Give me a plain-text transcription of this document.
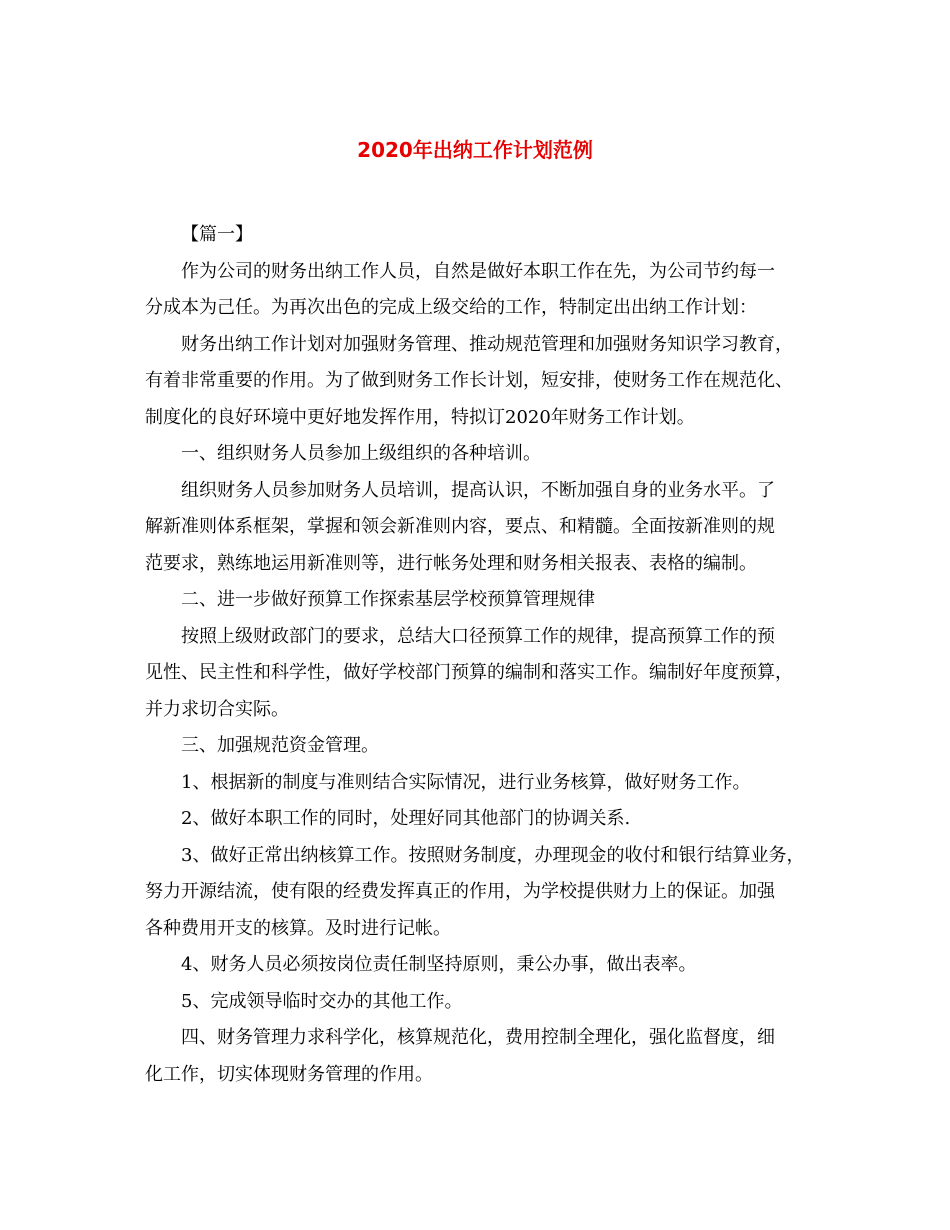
2020年出纳工作计划范例
【篇一】
作为公司的财务出纳工作人员，自然是做好本职工作在先，为公司节约每一
分成本为己任。为再次出色的完成上级交给的工作，特制定出出纳工作计划：
财务出纳工作计划对加强财务管理、推动规范管理和加强财务知识学习教育，
有着非常重要的作用。为了做到财务工作长计划，短安排，使财务工作在规范化、
制度化的良好环境中更好地发挥作用，特拟订2020年财务工作计划。
一、组织财务人员参加上级组织的各种培训。
组织财务人员参加财务人员培训，提高认识，不断加强自身的业务水平。了
解新准则体系框架，掌握和领会新准则内容，要点、和精髓。全面按新准则的规
范要求，熟练地运用新准则等，进行帐务处理和财务相关报表、表格的编制。
二、进一步做好预算工作探索基层学校预算管理规律
按照上级财政部门的要求，总结大口径预算工作的规律，提高预算工作的预
见性、民主性和科学性，做好学校部门预算的编制和落实工作。编制好年度预算，
并力求切合实际。
三、加强规范资金管理。
1、根据新的制度与准则结合实际情况，进行业务核算，做好财务工作。
2、做好本职工作的同时，处理好同其他部门的协调关系.
3、做好正常出纳核算工作。按照财务制度，办理现金的收付和银行结算业务，
努力开源结流，使有限的经费发挥真正的作用，为学校提供财力上的保证。加强
各种费用开支的核算。及时进行记帐。
4、财务人员必须按岗位责任制坚持原则，秉公办事，做出表率。
5、完成领导临时交办的其他工作。
四、财务管理力求科学化，核算规范化，费用控制全理化，强化监督度，细
化工作，切实体现财务管理的作用。
